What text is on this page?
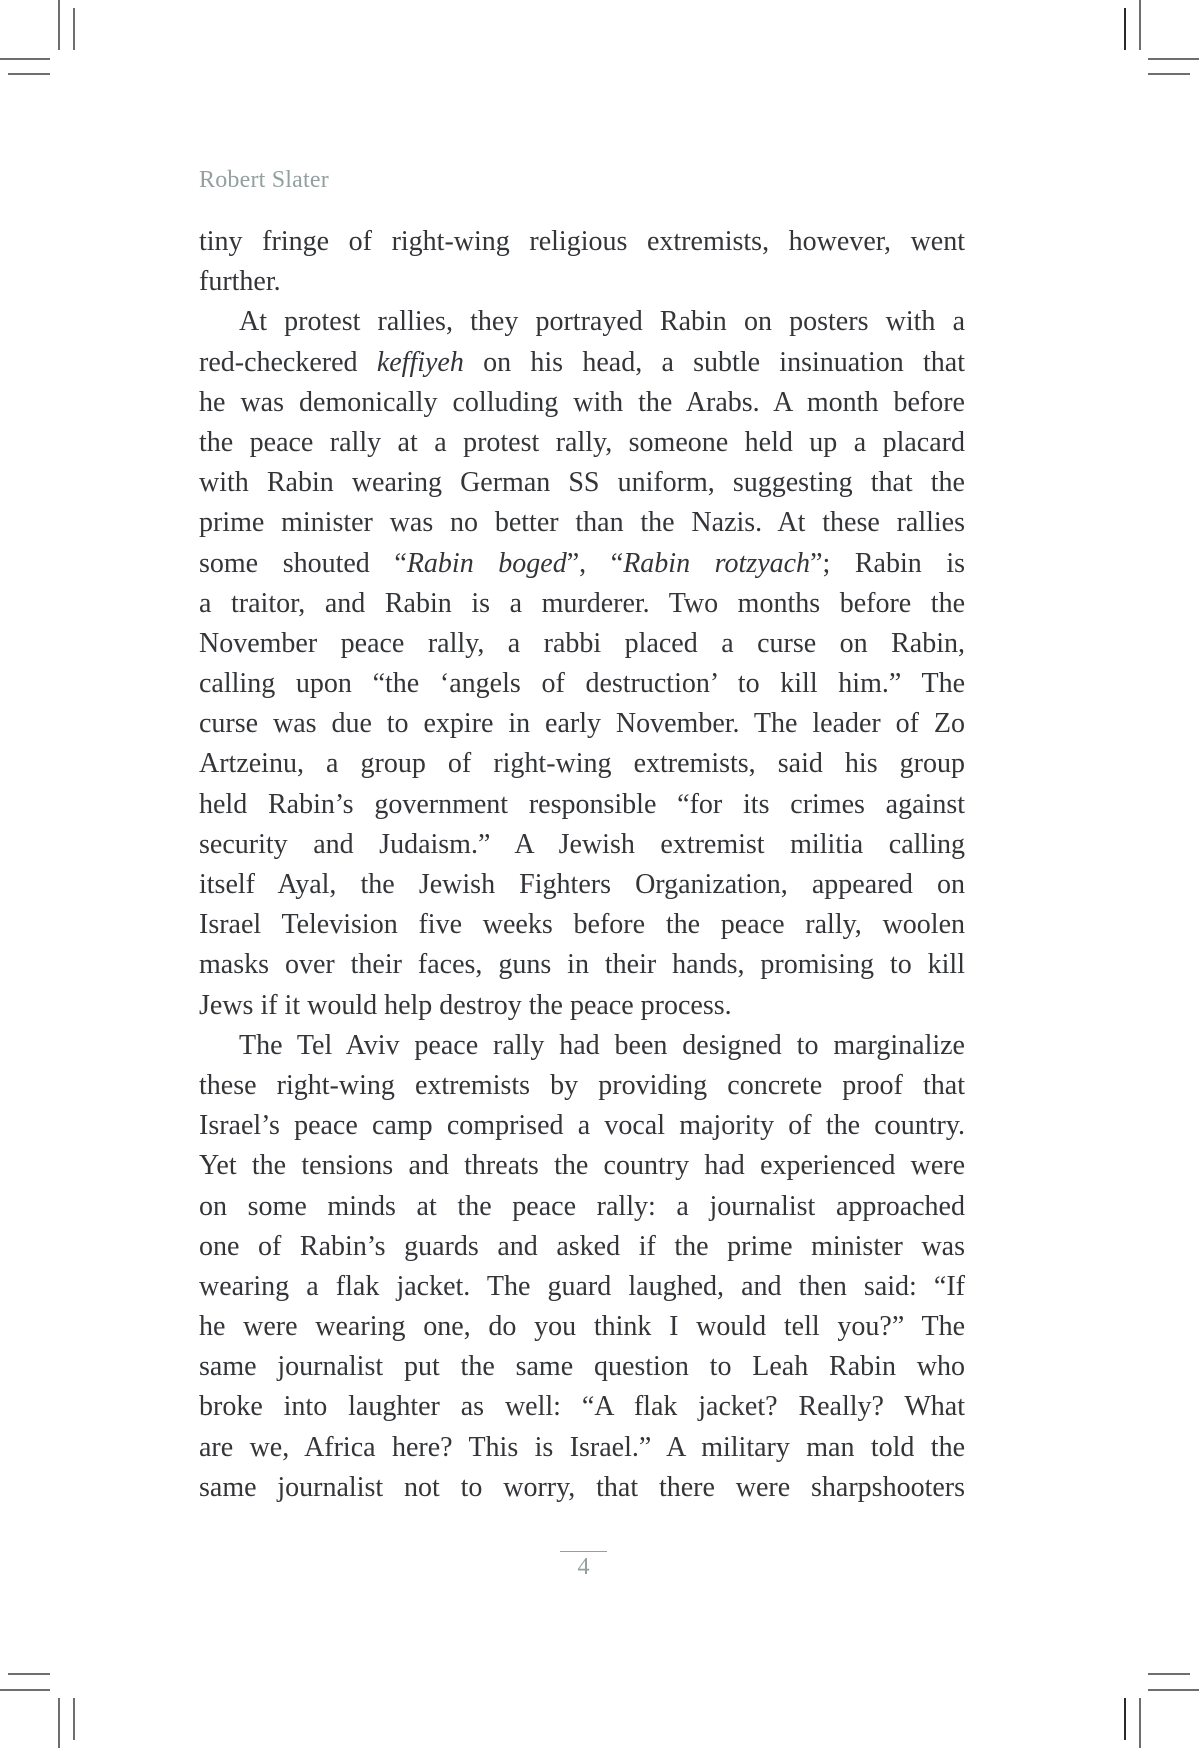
Robert Slater
tiny fringe of right-wing religious extremists, however, went
further.
At protest rallies, they portrayed Rabin on posters with a
red-checkered keffiyeh on his head, a subtle insinuation that
he was demonically colluding with the Arabs. A month before
the peace rally at a protest rally, someone held up a placard
with Rabin wearing German SS uniform, suggesting that the
prime minister was no better than the Nazis. At these rallies
some shouted “Rabin boged”, “Rabin rotzyach”; Rabin is
a traitor, and Rabin is a murderer. Two months before the
November peace rally, a rabbi placed a curse on Rabin,
calling upon “the ‘angels of destruction’ to kill him.” The
curse was due to expire in early November. The leader of Zo
Artzeinu, a group of right-wing extremists, said his group
held Rabin’s government responsible “for its crimes against
security and Judaism.” A Jewish extremist militia calling
itself Ayal, the Jewish Fighters Organization, appeared on
Israel Television five weeks before the peace rally, woolen
masks over their faces, guns in their hands, promising to kill
Jews if it would help destroy the peace process.
The Tel Aviv peace rally had been designed to marginalize
these right-wing extremists by providing concrete proof that
Israel’s peace camp comprised a vocal majority of the country.
Yet the tensions and threats the country had experienced were
on some minds at the peace rally: a journalist approached
one of Rabin’s guards and asked if the prime minister was
wearing a flak jacket. The guard laughed, and then said: “If
he were wearing one, do you think I would tell you?” The
same journalist put the same question to Leah Rabin who
broke into laughter as well: “A flak jacket? Really? What
are we, Africa here? This is Israel.” A military man told the
same journalist not to worry, that there were sharpshooters
4
